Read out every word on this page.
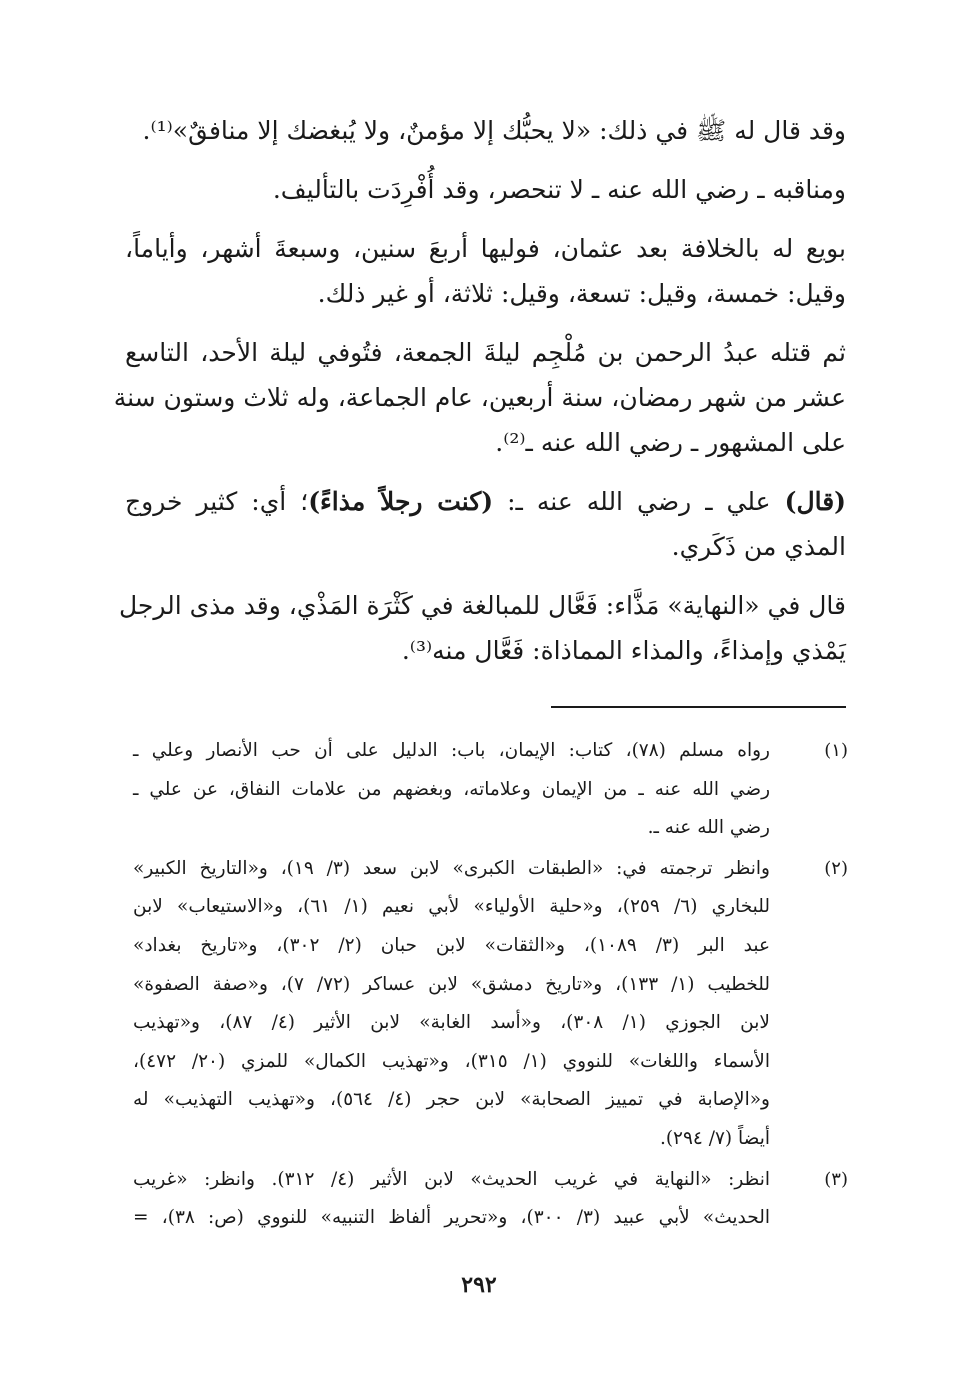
وقد قال له ﷺ في ذلك: «لا يحبُّك إلا مؤمنٌ، ولا يُبغضك إلا منافقٌ»⁽¹⁾.
ومناقبه ـ رضي الله عنه ـ لا تنحصر، وقد أُفْرِدَت بالتأليف.
بويع له بالخلافة بعد عثمان، فوليها أربعَ سنين، وسبعةَ أشهر، وأياماً،
وقيل: خمسة، وقيل: تسعة، وقيل: ثلاثة، أو غير ذلك.
ثم قتله عبدُ الرحمن بن مُلْجِم ليلةَ الجمعة، فتُوفي ليلة الأحد، التاسع
عشر من شهر رمضان، سنة أربعين، عام الجماعة، وله ثلاث وستون سنة
على المشهور ـ رضي الله عنه ـ⁽²⁾.
(قال) علي ـ رضي الله عنه ـ: (كنت رجلاً مذاءً)؛ أي: كثير خروج
المذي من ذَكَري.
قال في «النهاية» مَذَّاء: فَعَّال للمبالغة في كَثْرَة المَذْي، وقد مذى الرجل
يَمْذي وإمذاءً، والمذاء المماذاة: فَعَّال منه⁽³⁾.
(١)
رواه مسلم (٧٨)، كتاب: الإيمان، باب: الدليل على أن حب الأنصار وعلي ـ
رضي الله عنه ـ من الإيمان وعلاماته، وبغضهم من علامات النفاق، عن علي ـ
رضي الله عنه ـ.
(٢)
وانظر ترجمته في: «الطبقات الكبرى» لابن سعد (٣/ ١٩)، و«التاريخ الكبير»
للبخاري (٦/ ٢٥٩)، و«حلية الأولياء» لأبي نعيم (١/ ٦١)، و«الاستيعاب» لابن
عبد البر (٣/ ١٠٨٩)، و«الثقات» لابن حبان (٢/ ٣٠٢)، و«تاريخ بغداد»
للخطيب (١/ ١٣٣)، و«تاريخ دمشق» لابن عساكر (٧٢/ ٧)، و«صفة الصفوة»
لابن الجوزي (١/ ٣٠٨)، و«أسد الغابة» لابن الأثير (٤/ ٨٧)، و«تهذيب
الأسماء واللغات» للنووي (١/ ٣١٥)، و«تهذيب الكمال» للمزي (٢٠/ ٤٧٢)،
و«الإصابة في تمييز الصحابة» لابن حجر (٤/ ٥٦٤)، و«تهذيب التهذيب» له
أيضاً (٧/ ٢٩٤).
(٣)
انظر: «النهاية في غريب الحديث» لابن الأثير (٤/ ٣١٢). وانظر: «غريب
الحديث» لأبي عبيد (٣/ ٣٠٠)، و«تحرير ألفاظ التنبيه» للنووي (ص: ٣٨)، =
٢٩٢
